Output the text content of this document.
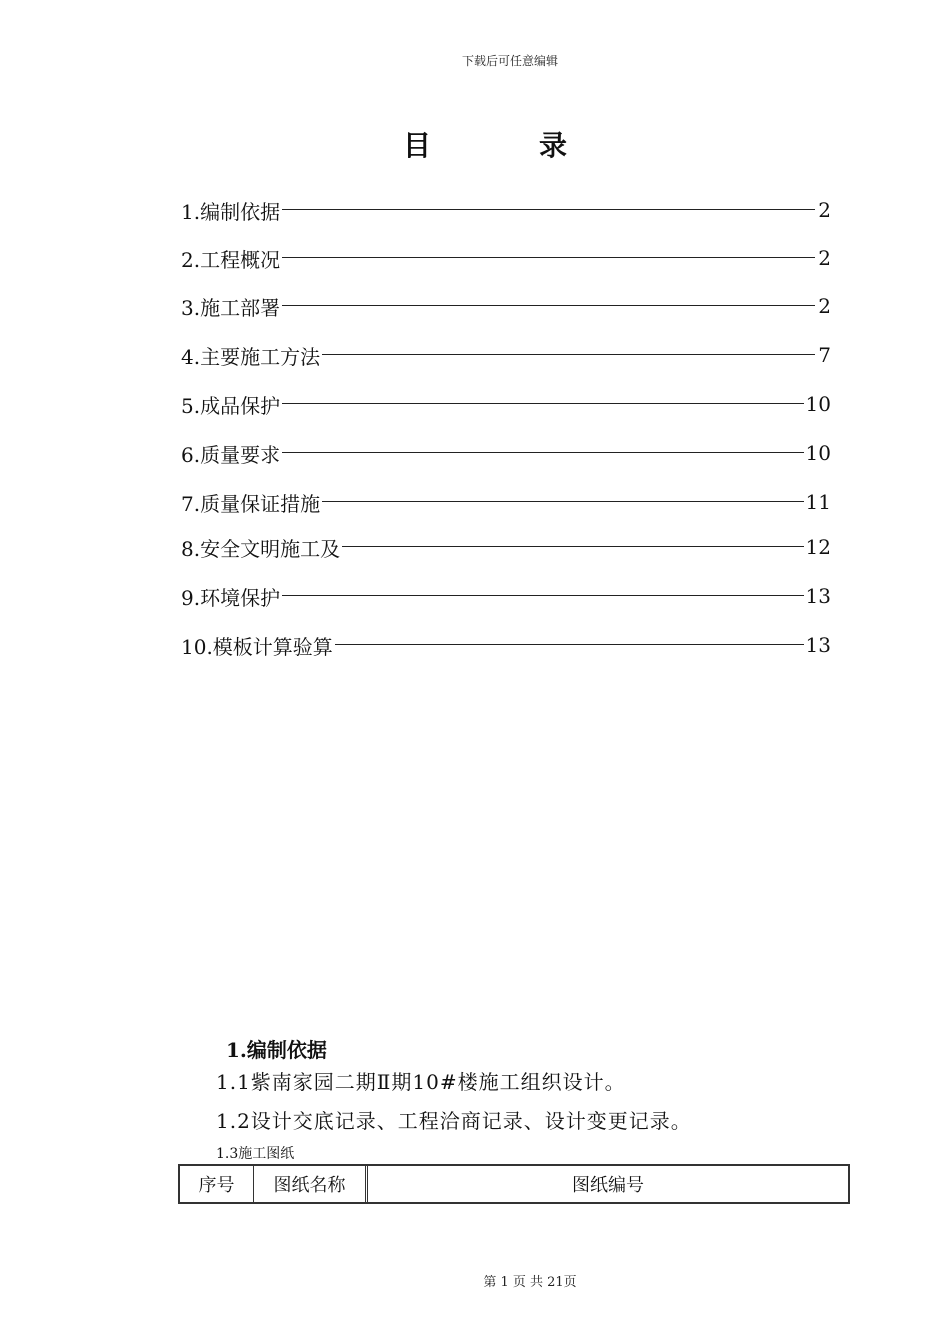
下载后可任意编辑
目　录
1.编制依据	2
2.工程概况	2
3.施工部署	2
4.主要施工方法	7
5.成品保护	10
6.质量要求	10
7.质量保证措施	11
8.安全文明施工及	12
9.环境保护	13
10.模板计算验算	13
1.编制依据
1.1紫南家园二期Ⅱ期10#楼施工组织设计。
1.2设计交底记录、工程洽商记录、设计变更记录。
1.3施工图纸
序号	图纸名称	图纸编号
第 1 页 共 21页
